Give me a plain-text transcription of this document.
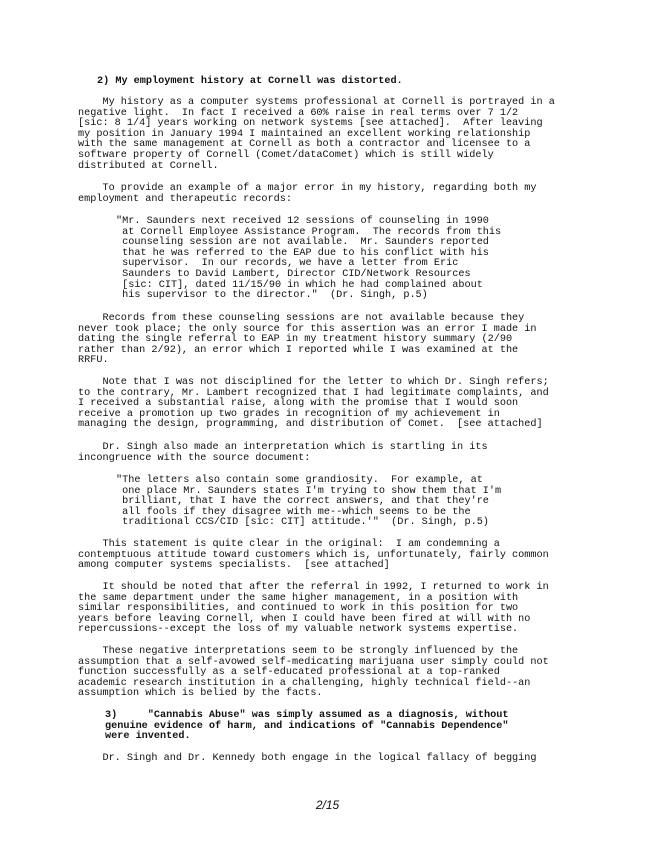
2) My employment history at Cornell was distorted.
My history as a computer systems professional at Cornell is portrayed in a
negative light.  In fact I received a 60% raise in real terms over 7 1/2
[sic: 8 1/4] years working on network systems [see attached].  After leaving
my position in January 1994 I maintained an excellent working relationship
with the same management at Cornell as both a contractor and licensee to a
software property of Cornell (Comet/dataComet) which is still widely
distributed at Cornell.
To provide an example of a major error in my history, regarding both my
employment and therapeutic records:
"Mr. Saunders next received 12 sessions of counseling in 1990
at Cornell Employee Assistance Program.  The records from this
counseling session are not available.  Mr. Saunders reported
that he was referred to the EAP due to his conflict with his
supervisor.  In our records, we have a letter from Eric
Saunders to David Lambert, Director CID/Network Resources
[sic: CIT], dated 11/15/90 in which he had complained about
his supervisor to the director."  (Dr. Singh, p.5)
Records from these counseling sessions are not available because they
never took place; the only source for this assertion was an error I made in
dating the single referral to EAP in my treatment history summary (2/90
rather than 2/92), an error which I reported while I was examined at the
RRFU.
Note that I was not disciplined for the letter to which Dr. Singh refers;
to the contrary, Mr. Lambert recognized that I had legitimate complaints, and
I received a substantial raise, along with the promise that I would soon
receive a promotion up two grades in recognition of my achievement in
managing the design, programming, and distribution of Comet.  [see attached]
Dr. Singh also made an interpretation which is startling in its
incongruence with the source document:
"The letters also contain some grandiosity.  For example, at
one place Mr. Saunders states I'm trying to show them that I'm
brilliant, that I have the correct answers, and that they're
all fools if they disagree with me--which seems to be the
traditional CCS/CID [sic: CIT] attitude.'"  (Dr. Singh, p.5)
This statement is quite clear in the original:  I am condemning a
contemptuous attitude toward customers which is, unfortunately, fairly common
among computer systems specialists.  [see attached]
It should be noted that after the referral in 1992, I returned to work in
the same department under the same higher management, in a position with
similar responsibilities, and continued to work in this position for two
years before leaving Cornell, when I could have been fired at will with no
repercussions--except the loss of my valuable network systems expertise.
These negative interpretations seem to be strongly influenced by the
assumption that a self-avowed self-medicating marijuana user simply could not
function successfully as a self-educated professional at a top-ranked
academic research institution in a challenging, highly technical field--an
assumption which is belied by the facts.
3)     "Cannabis Abuse" was simply assumed as a diagnosis, without
genuine evidence of harm, and indications of "Cannabis Dependence"
were invented.
Dr. Singh and Dr. Kennedy both engage in the logical fallacy of begging
2/15
